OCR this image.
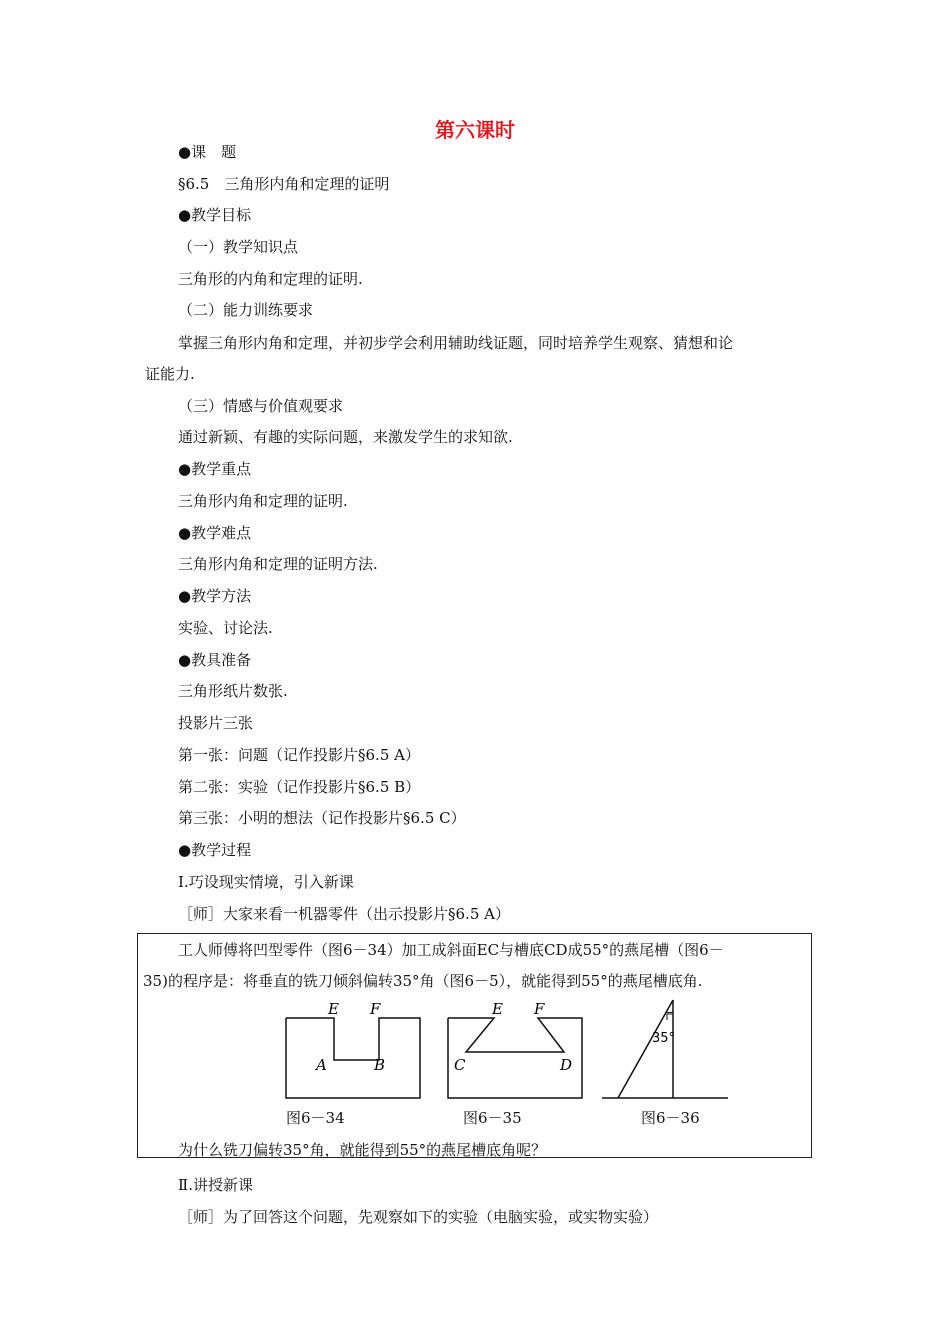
第六课时
●课　题
§6.5　三角形内角和定理的证明
●教学目标
（一）教学知识点
三角形的内角和定理的证明.
（二）能力训练要求
掌握三角形内角和定理，并初步学会利用辅助线证题，同时培养学生观察、猜想和论
证能力.
（三）情感与价值观要求
通过新颖、有趣的实际问题，来激发学生的求知欲.
●教学重点
三角形内角和定理的证明.
●教学难点
三角形内角和定理的证明方法.
●教学方法
实验、讨论法.
●教具准备
三角形纸片数张.
投影片三张
第一张：问题（记作投影片§6.5 A）
第二张：实验（记作投影片§6.5 B）
第三张：小明的想法（记作投影片§6.5 C）
●教学过程
Ⅰ.巧设现实情境，引入新课
［师］大家来看一机器零件（出示投影片§6.5 A）
工人师傅将凹型零件（图6－34）加工成斜面EC与槽底CD成55°的燕尾槽（图6－
35)的程序是：将垂直的铣刀倾斜偏转35°角（图6－5），就能得到55°的燕尾槽底角.
E F
A	B
E F
C	D
35°
图6－34	图6－35	图6－36
为什么铣刀偏转35°角，就能得到55°的燕尾槽底角呢？
Ⅱ.讲授新课
［师］为了回答这个问题，先观察如下的实验（电脑实验，或实物实验）
